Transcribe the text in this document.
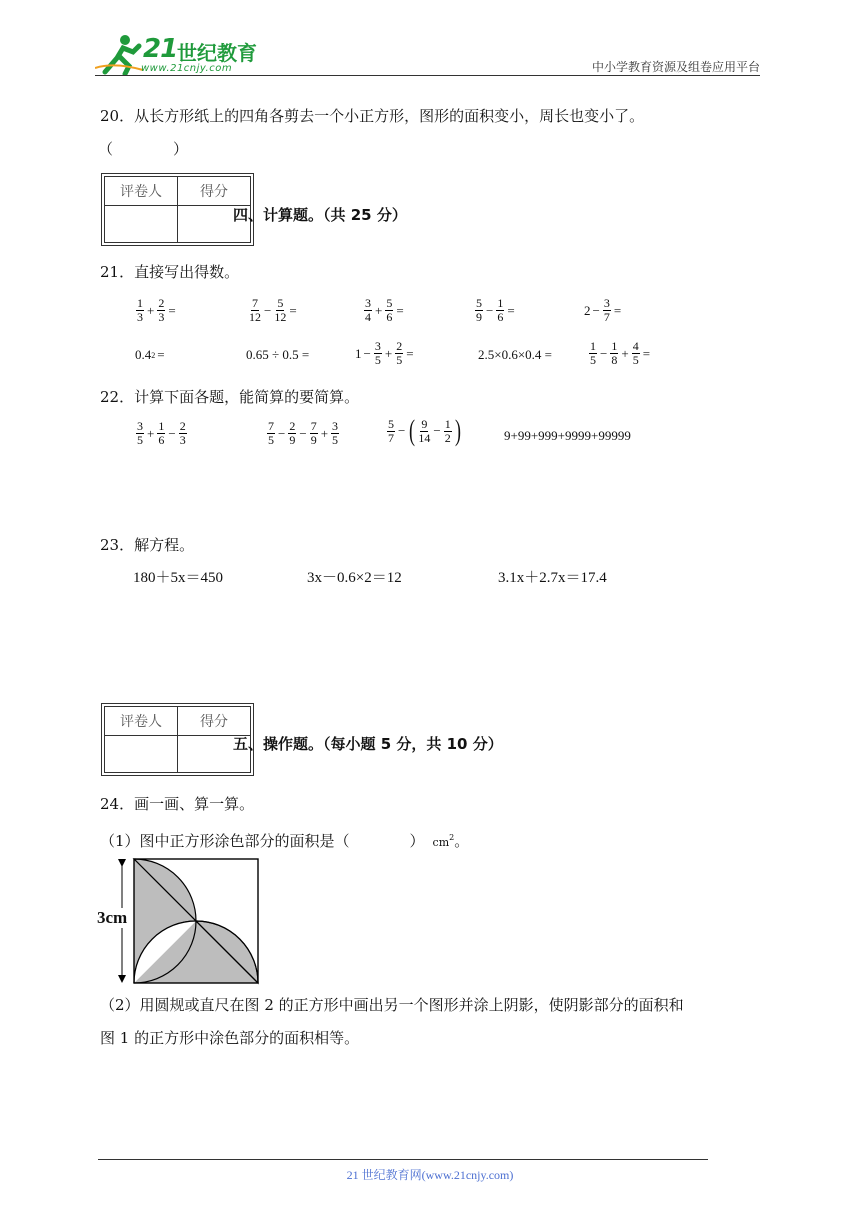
21 世纪教育
www.21cnjy.com	中小学教育资源及组卷应用平台
20．从长方形纸上的四角各剪去一个小正方形，图形的面积变小，周长也变小了。
（　　　　）
评卷人	得分

四、计算题。（共 25 分）
21．直接写出得数。
$\frac{1}{3} + \frac{2}{3}$ =	$\frac{7}{12} - \frac{5}{12}$ =	$\frac{3}{4} + \frac{5}{6}$ =	$\frac{5}{9} - \frac{1}{6}$ =	$2 - \frac{3}{7}$ =
0.4 2 =	0.65 ÷ 0.5 =	$1 - \frac{3}{5} + \frac{2}{5}$ =	2.5×0.6×0.4 =	$\frac{1}{5} - \frac{1}{8} + \frac{4}{5}$ =
22．计算下面各题，能简算的要简算。
$\frac{3}{5} + \frac{1}{6} - \frac{2}{3}$	$\frac{7}{5} - \frac{2}{9} - \frac{7}{9} + \frac{3}{5}$	$\frac{5}{7}$ − ( $\frac{9}{14} - \frac{1}{2}$ )	9+99+999+9999+99999
23．解方程。
180＋5x＝450	3x－0.6×2＝12	3.1x＋2.7x＝17.4
评卷人	得分

五、操作题。（每小题 5 分，共 10 分）
24．画一画、算一算。
（1）图中正方形涂色部分的面积是（　　　　） $cm^2$。
3cm
（2）用圆规或直尺在图 2 的正方形中画出另一个图形并涂上阴影，使阴影部分的面积和
图 1 的正方形中涂色部分的面积相等。
21 世纪教育网(www.21cnjy.com)
